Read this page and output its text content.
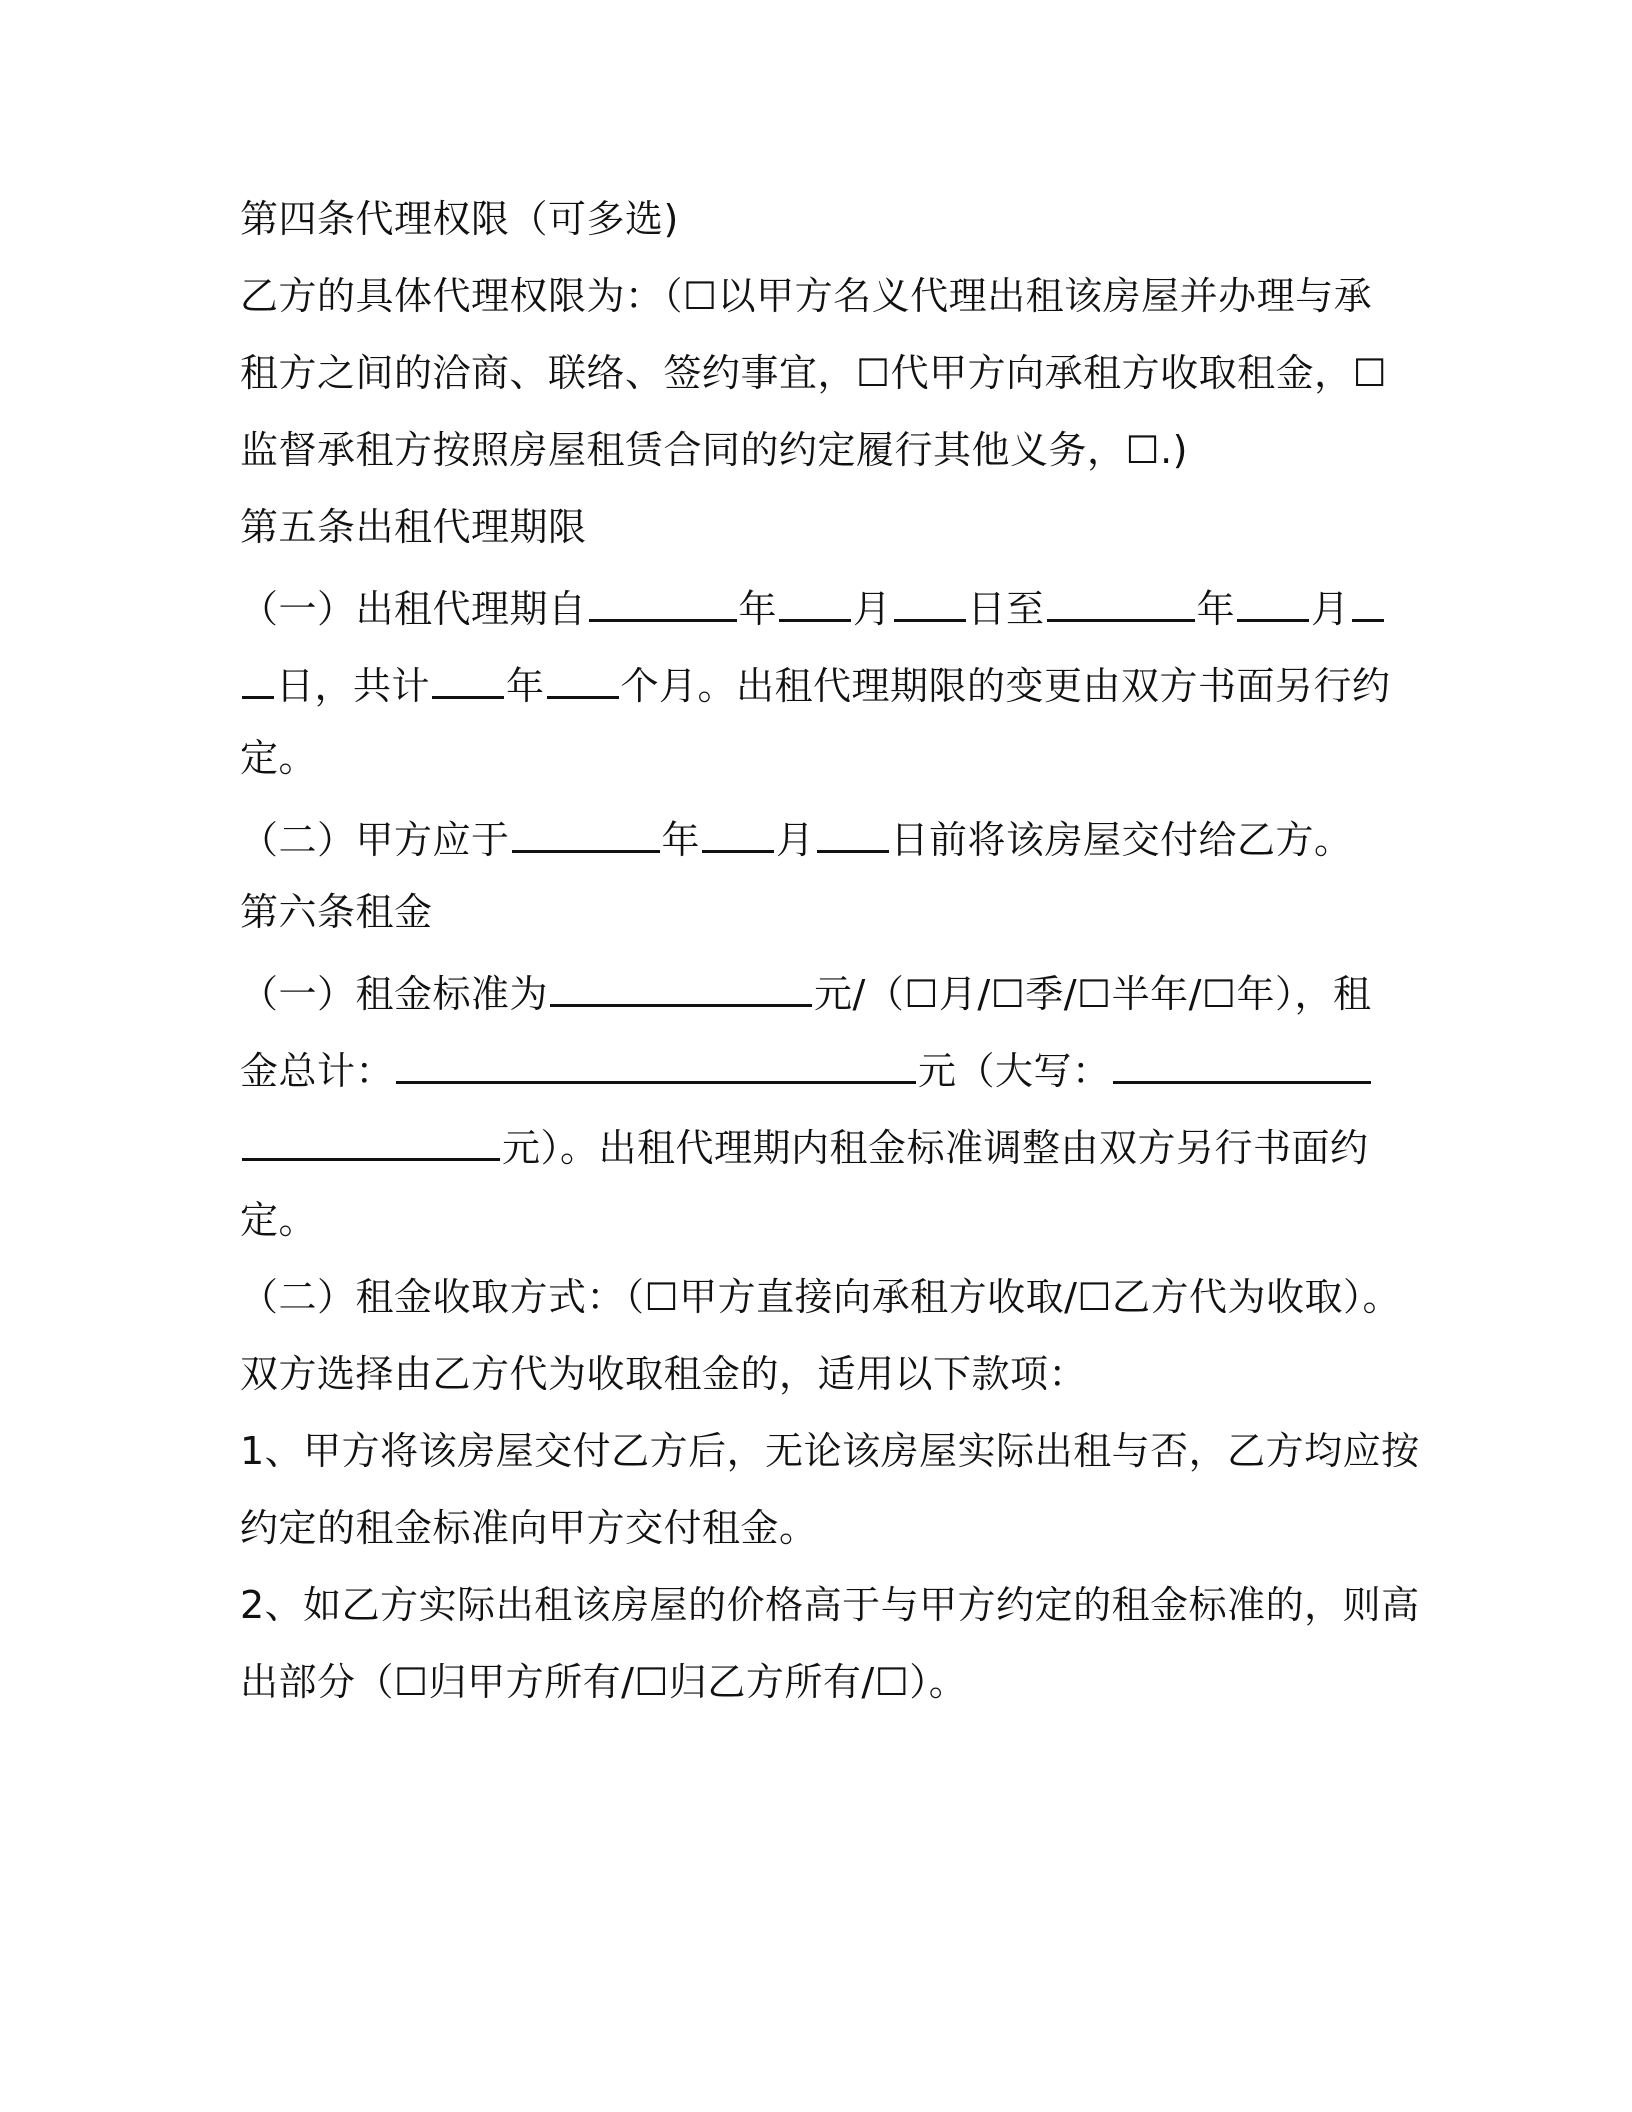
第四条代理权限（可多选)
乙方的具体代理权限为：（☐以甲方名义代理出租该房屋并办理与承
租方之间的洽商、联络、签约事宜，☐代甲方向承租方收取租金，☐
监督承租方按照房屋租赁合同的约定履行其他义务，☐.)
第五条出租代理期限
（一）出租代理期自	年 月 日至	年 月
日，共计 年 个月。出租代理期限的变更由双方书面另行约
定。
（二）甲方应于	年 月 日前将该房屋交付给乙方。
第六条租金
（一）租金标准为	元/（☐月/☐季/☐半年/☐年），租
金总计：	元（大写：
元）。出租代理期内租金标准调整由双方另行书面约
定。
（二）租金收取方式：（☐甲方直接向承租方收取/☐乙方代为收取）。
双方选择由乙方代为收取租金的，适用以下款项：
1、甲方将该房屋交付乙方后，无论该房屋实际出租与否，乙方均应按
约定的租金标准向甲方交付租金。
2、如乙方实际出租该房屋的价格高于与甲方约定的租金标准的，则高
出部分（☐归甲方所有/☐归乙方所有/☐）。
